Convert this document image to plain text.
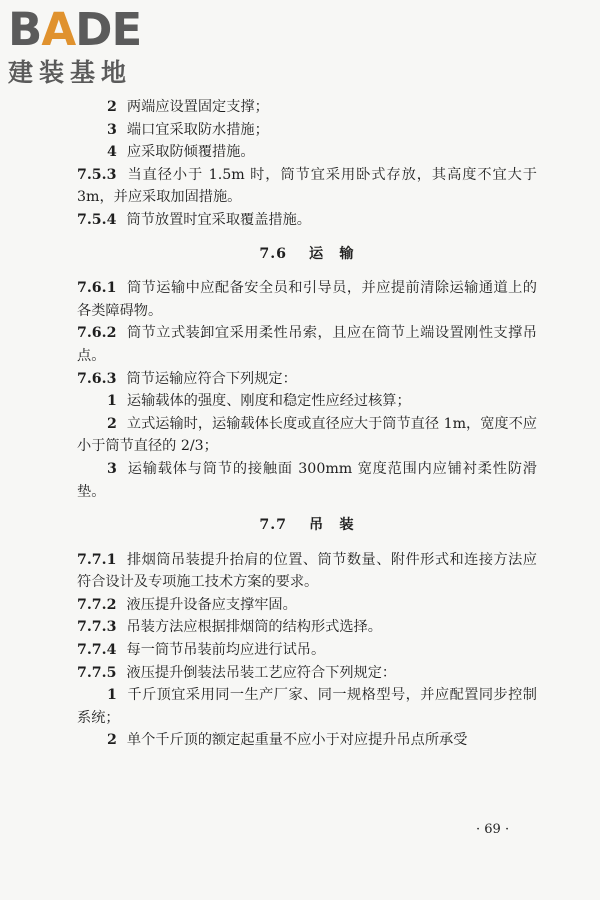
BADE
建装基地

2 两端应设置固定支撑；

3 端口宜采取防水措施；

4 应采取防倾覆措施。

7.5.3 当直径小于 1.5m 时，筒节宜采用卧式存放，其高度不宜大于 3m，并应采取加固措施。

7.5.4 筒节放置时宜采取覆盖措施。

7.6 运　输

7.6.1 筒节运输中应配备安全员和引导员，并应提前清除运输通道上的各类障碍物。

7.6.2 筒节立式装卸宜采用柔性吊索，且应在筒节上端设置刚性支撑吊点。

7.6.3 筒节运输应符合下列规定：

1 运输载体的强度、刚度和稳定性应经过核算；

2 立式运输时，运输载体长度或直径应大于筒节直径 1m，宽度不应小于筒节直径的 2/3；

3 运输载体与筒节的接触面 300mm 宽度范围内应铺衬柔性防滑垫。

7.7 吊　装

7.7.1 排烟筒吊装提升抬肩的位置、筒节数量、附件形式和连接方法应符合设计及专项施工技术方案的要求。

7.7.2 液压提升设备应支撑牢固。

7.7.3 吊装方法应根据排烟筒的结构形式选择。

7.7.4 每一筒节吊装前均应进行试吊。

7.7.5 液压提升倒装法吊装工艺应符合下列规定：

1 千斤顶宜采用同一生产厂家、同一规格型号，并应配置同步控制系统；

2 单个千斤顶的额定起重量不应小于对应提升吊点所承受

· 69 ·
